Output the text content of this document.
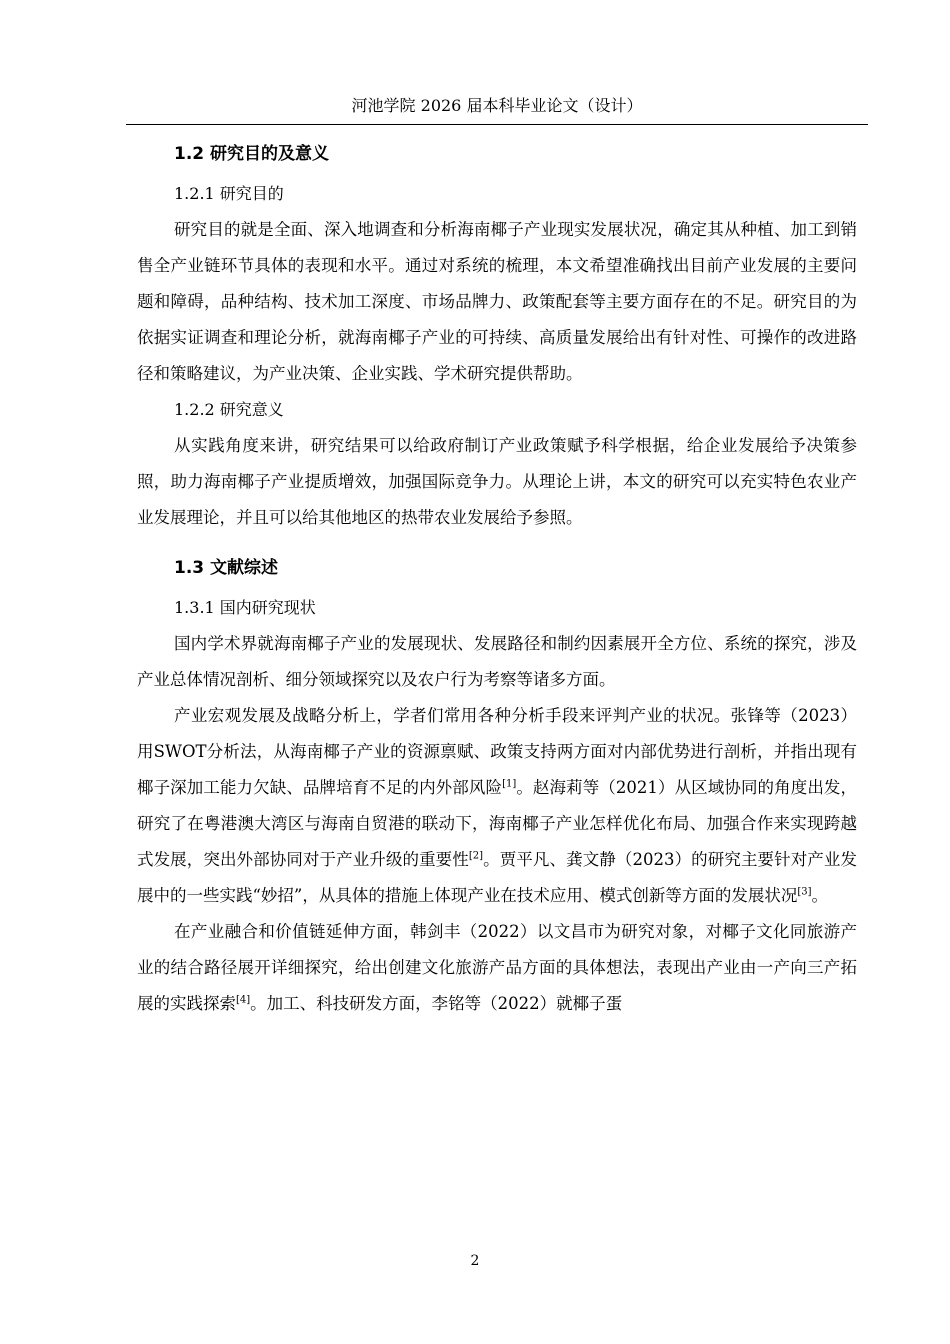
河池学院 2026 届本科毕业论文（设计）
1.2 研究目的及意义
1.2.1 研究目的

研究目的就是全面、深入地调查和分析海南椰子产业现实发展状况，确定其从种植、加工到销售全产业链环节具体的表现和水平。通过对系统的梳理，本文希望准确找出目前产业发展的主要问题和障碍，品种结构、技术加工深度、市场品牌力、政策配套等主要方面存在的不足。研究目的为依据实证调查和理论分析，就海南椰子产业的可持续、高质量发展给出有针对性、可操作的改进路径和策略建议，为产业决策、企业实践、学术研究提供帮助。

1.2.2 研究意义

从实践角度来讲，研究结果可以给政府制订产业政策赋予科学根据，给企业发展给予决策参照，助力海南椰子产业提质增效，加强国际竞争力。从理论上讲，本文的研究可以充实特色农业产业发展理论，并且可以给其他地区的热带农业发展给予参照。

1.3 文献综述
1.3.1 国内研究现状

国内学术界就海南椰子产业的发展现状、发展路径和制约因素展开全方位、系统的探究，涉及产业总体情况剖析、细分领域探究以及农户行为考察等诸多方面。

产业宏观发展及战略分析上，学者们常用各种分析手段来评判产业的状况。张锋等（2023）用SWOT分析法，从海南椰子产业的资源禀赋、政策支持两方面对内部优势进行剖析，并指出现有椰子深加工能力欠缺、品牌培育不足的内外部风险[1]。赵海莉等（2021）从区域协同的角度出发，研究了在粤港澳大湾区与海南自贸港的联动下，海南椰子产业怎样优化布局、加强合作来实现跨越式发展，突出外部协同对于产业升级的重要性[2]。贾平凡、龚文静（2023）的研究主要针对产业发展中的一些实践“妙招”，从具体的措施上体现产业在技术应用、模式创新等方面的发展状况[3]。

在产业融合和价值链延伸方面，韩剑丰（2022）以文昌市为研究对象，对椰子文化同旅游产业的结合路径展开详细探究，给出创建文化旅游产品方面的具体想法，表现出产业由一产向三产拓展的实践探索[4]。加工、科技研发方面，李铭等（2022）就椰子蛋

2
